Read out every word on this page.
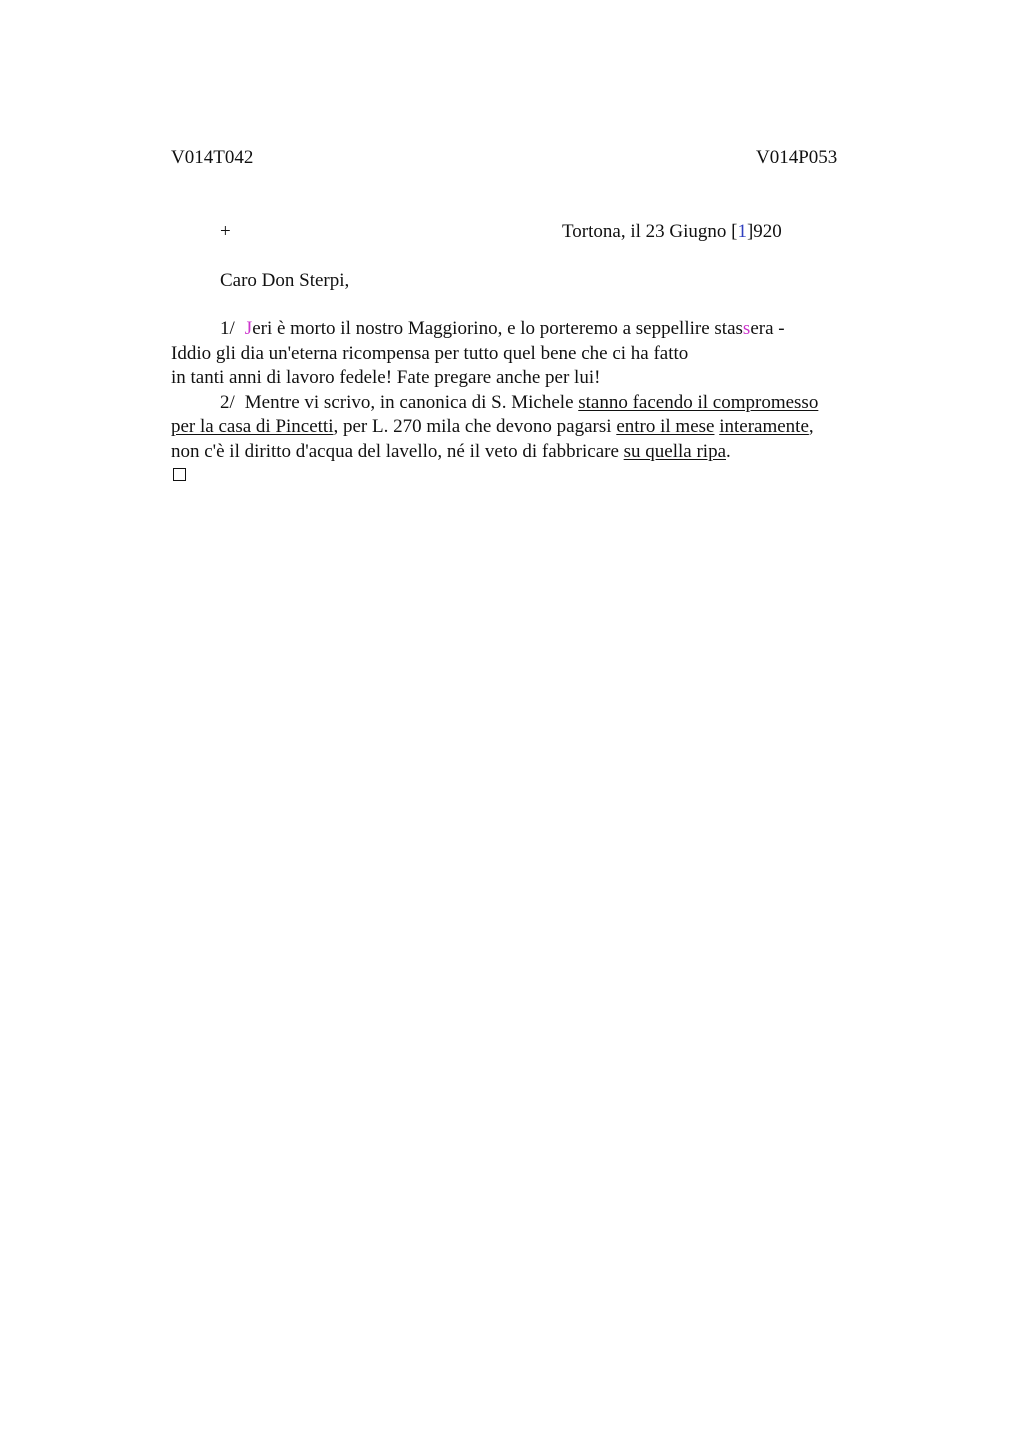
V014T042	V014P053
+	Tortona, il 23 Giugno [1]920
Caro Don Sterpi,
1/ Jeri è morto il nostro Maggiorino, e lo porteremo a seppellire stassera -
Iddio gli dia un'eterna ricompensa per tutto quel bene che ci ha fatto
in tanti anni di lavoro fedele! Fate pregare anche per lui!
2/ Mentre vi scrivo, in canonica di S. Michele stanno facendo il compromesso
per la casa di Pincetti, per L. 270 mila che devono pagarsi entro il mese interamente,
non c'è il diritto d'acqua del lavello, né il veto di fabbricare su quella ripa.
